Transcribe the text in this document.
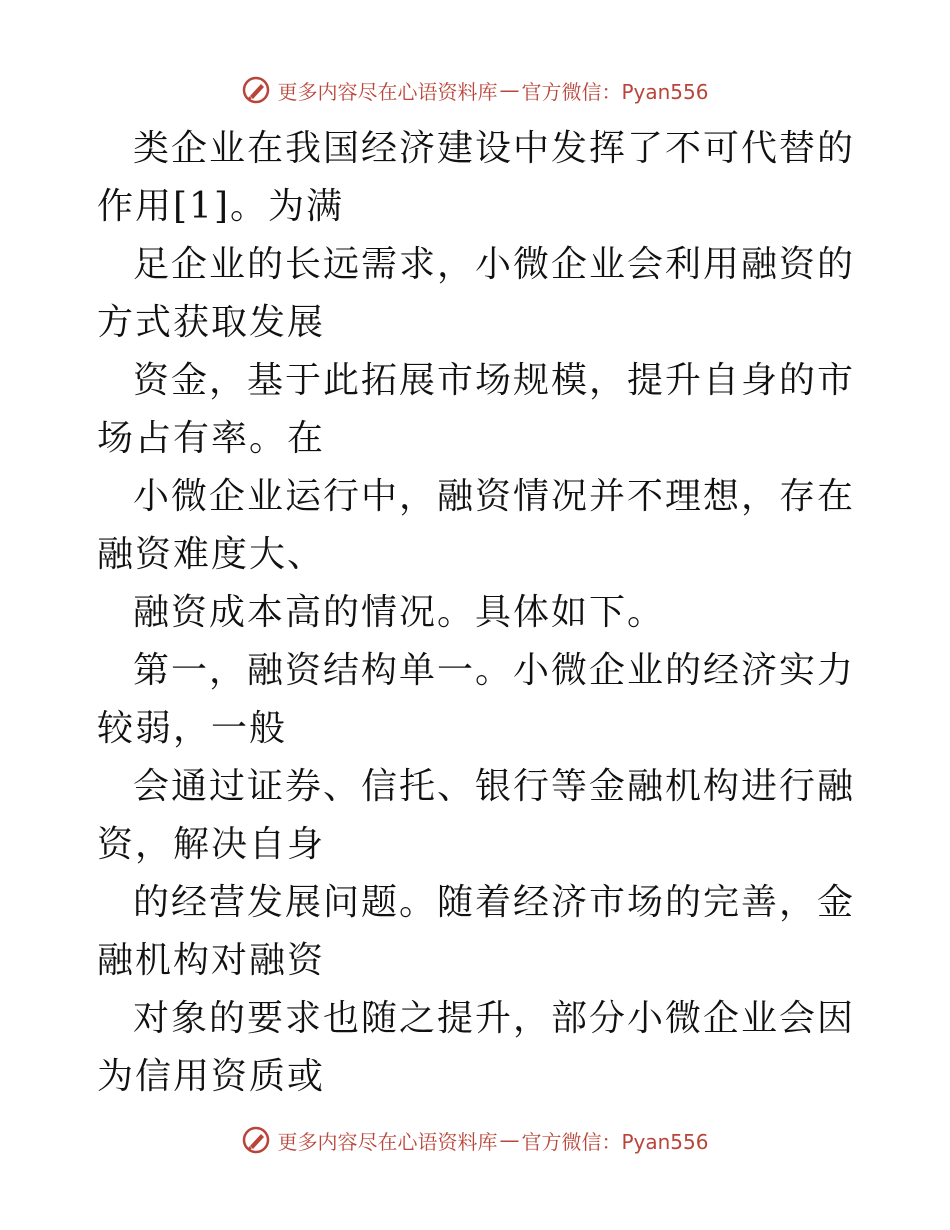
更多内容尽在心语资料库 — 官方微信：Pyan556

类企业在我国经济建设中发挥了不可代替的作用[1]。为满

足企业的长远需求，小微企业会利用融资的方式获取发展

资金，基于此拓展市场规模，提升自身的市场占有率。在

小微企业运行中，融资情况并不理想，存在融资难度大、

融资成本高的情况。具体如下。

第一，融资结构单一。小微企业的经济实力较弱，一般

会通过证券、信托、银行等金融机构进行融资，解决自身

的经营发展问题。随着经济市场的完善，金融机构对融资

对象的要求也随之提升，部分小微企业会因为信用资质或

更多内容尽在心语资料库 — 官方微信：Pyan556
